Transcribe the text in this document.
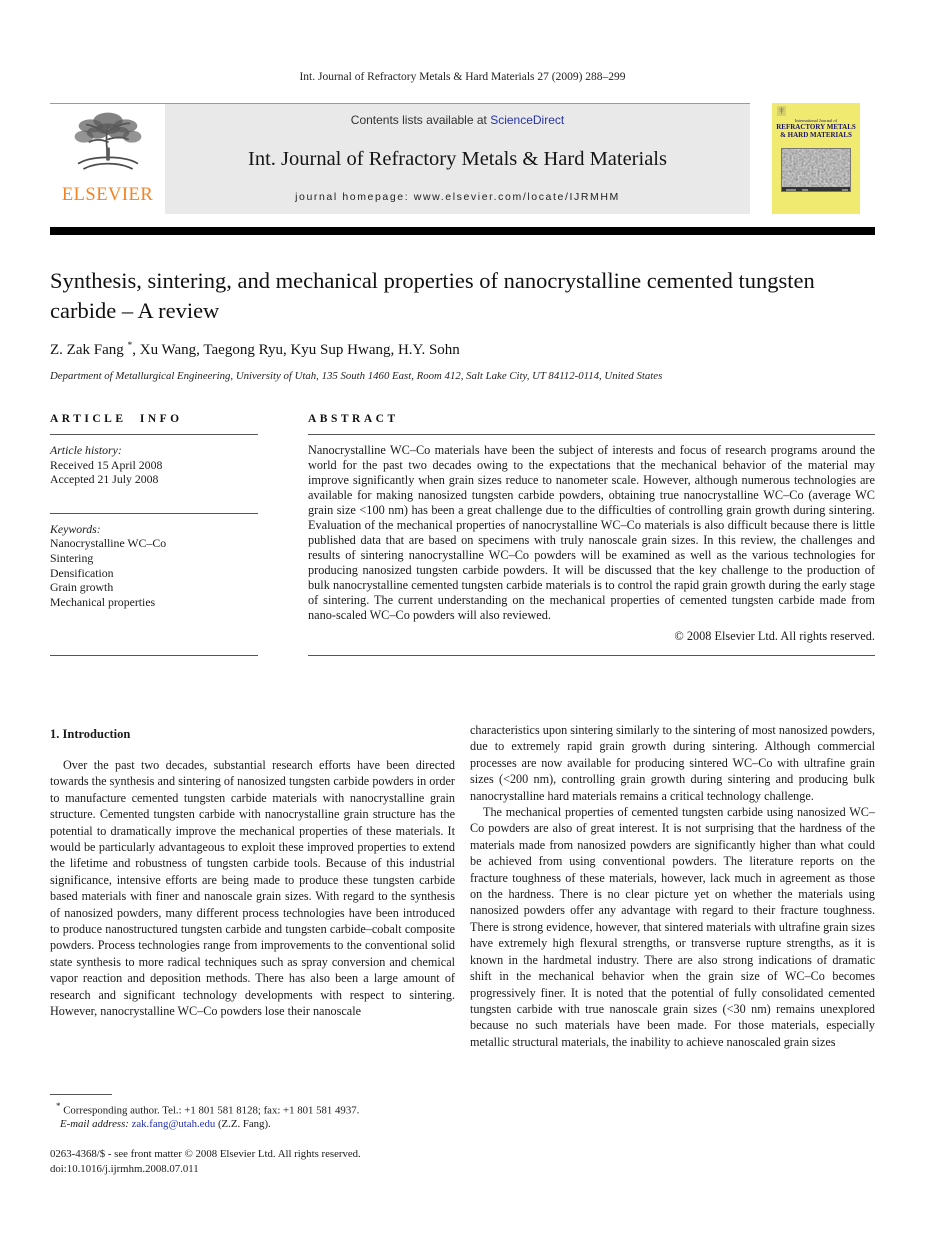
Int. Journal of Refractory Metals & Hard Materials 27 (2009) 288–299
ELSEVIER
Contents lists available at ScienceDirect
Int. Journal of Refractory Metals & Hard Materials
journal homepage: www.elsevier.com/locate/IJRMHM
International Journal of
REFRACTORY METALS
& HARD MATERIALS
Synthesis, sintering, and mechanical properties of nanocrystalline cemented tungsten carbide – A review
Z. Zak Fang *, Xu Wang, Taegong Ryu, Kyu Sup Hwang, H.Y. Sohn
Department of Metallurgical Engineering, University of Utah, 135 South 1460 East, Room 412, Salt Lake City, UT 84112-0114, United States
ARTICLE INFO
Article history:
Received 15 April 2008
Accepted 21 July 2008
Keywords:
Nanocrystalline WC–Co
Sintering
Densification
Grain growth
Mechanical properties
ABSTRACT
Nanocrystalline WC–Co materials have been the subject of interests and focus of research programs around the world for the past two decades owing to the expectations that the mechanical behavior of the material may improve significantly when grain sizes reduce to nanometer scale. However, although numerous technologies are available for making nanosized tungsten carbide powders, obtaining true nanocrystalline WC–Co (average WC grain size <100 nm) has been a great challenge due to the difficulties of controlling grain growth during sintering. Evaluation of the mechanical properties of nanocrystalline WC–Co materials is also difficult because there is little published data that are based on specimens with truly nanoscale grain sizes. In this review, the challenges and results of sintering nanocrystalline WC–Co powders will be examined as well as the various technologies for producing nanosized tungsten carbide powders. It will be discussed that the key challenge to the production of bulk nanocrystalline cemented tungsten carbide materials is to control the rapid grain growth during the early stage of sintering. The current understanding on the mechanical properties of cemented tungsten carbide made from nano-scaled WC–Co powders will also reviewed.
© 2008 Elsevier Ltd. All rights reserved.
1. Introduction

Over the past two decades, substantial research efforts have been directed towards the synthesis and sintering of nanosized tungsten carbide powders in order to manufacture cemented tungsten carbide materials with nanocrystalline grain structure. Cemented tungsten carbide with nanocrystalline grain structure has the potential to dramatically improve the mechanical properties of these materials. It would be particularly advantageous to exploit these improved properties to extend the lifetime and robustness of tungsten carbide tools. Because of this industrial significance, intensive efforts are being made to produce these tungsten carbide based materials with finer and nanoscale grain sizes. With regard to the synthesis of nanosized powders, many different process technologies have been introduced to produce nanostructured tungsten carbide and tungsten carbide–cobalt composite powders. Process technologies range from improvements to the conventional solid state synthesis to more radical techniques such as spray conversion and chemical vapor reaction and deposition methods. There has also been a large amount of research and significant technology developments with respect to sintering. However, nanocrystalline WC–Co powders lose their nanoscale

characteristics upon sintering similarly to the sintering of most nanosized powders, due to extremely rapid grain growth during sintering. Although commercial processes are now available for producing sintered WC–Co with ultrafine grain sizes (<200 nm), controlling grain growth during sintering and producing bulk nanocrystalline hard materials remains a critical technology challenge.

The mechanical properties of cemented tungsten carbide using nanosized WC–Co powders are also of great interest. It is not surprising that the hardness of the materials made from nanosized powders are significantly higher than what could be achieved from using conventional powders. The literature reports on the fracture toughness of these materials, however, lack much in agreement as those on the hardness. There is no clear picture yet on whether the materials using nanosized powders offer any advantage with regard to their fracture toughness. There is strong evidence, however, that sintered materials with ultrafine grain sizes have extremely high flexural strengths, or transverse rupture strengths, as it is known in the hardmetal industry. There are also strong indications of dramatic shift in the mechanical behavior when the grain size of WC–Co becomes progressively finer. It is noted that the potential of fully consolidated cemented tungsten carbide with true nanoscale grain sizes (<30 nm) remains unexplored because no such materials have been made. For those materials, especially metallic structural materials, the inability to achieve nanoscaled grain sizes

* Corresponding author. Tel.: +1 801 581 8128; fax: +1 801 581 4937.

E-mail address: zak.fang@utah.edu (Z.Z. Fang).

0263-4368/$ - see front matter © 2008 Elsevier Ltd. All rights reserved.
doi:10.1016/j.ijrmhm.2008.07.011
